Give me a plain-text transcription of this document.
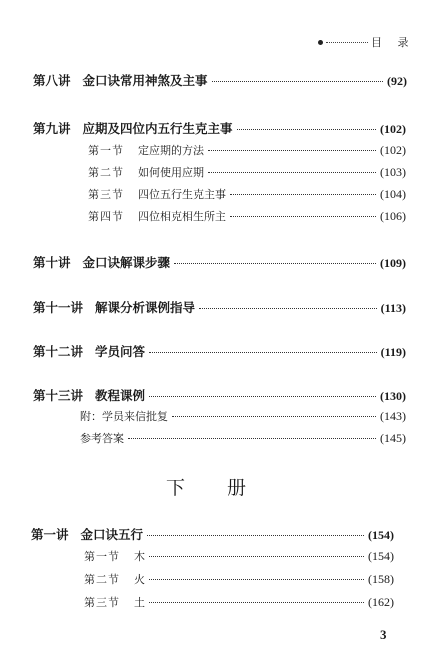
目 录
第八讲 金口诀常用神煞及主事	(92)
第九讲 应期及四位内五行生克主事	(102)
第一节 定应期的方法	(102)
第二节 如何使用应期	(103)
第三节 四位五行生克主事	(104)
第四节 四位相克相生所主	(106)
第十讲 金口诀解课步骤	(109)
第十一讲 解课分析课例指导	(113)
第十二讲 学员问答	(119)
第十三讲 教程课例	(130)
附：学员来信批复	(143)
参考答案	(145)
下 册
第一讲 金口诀五行	(154)
第一节 木	(154)
第二节 火	(158)
第三节 土	(162)
3
